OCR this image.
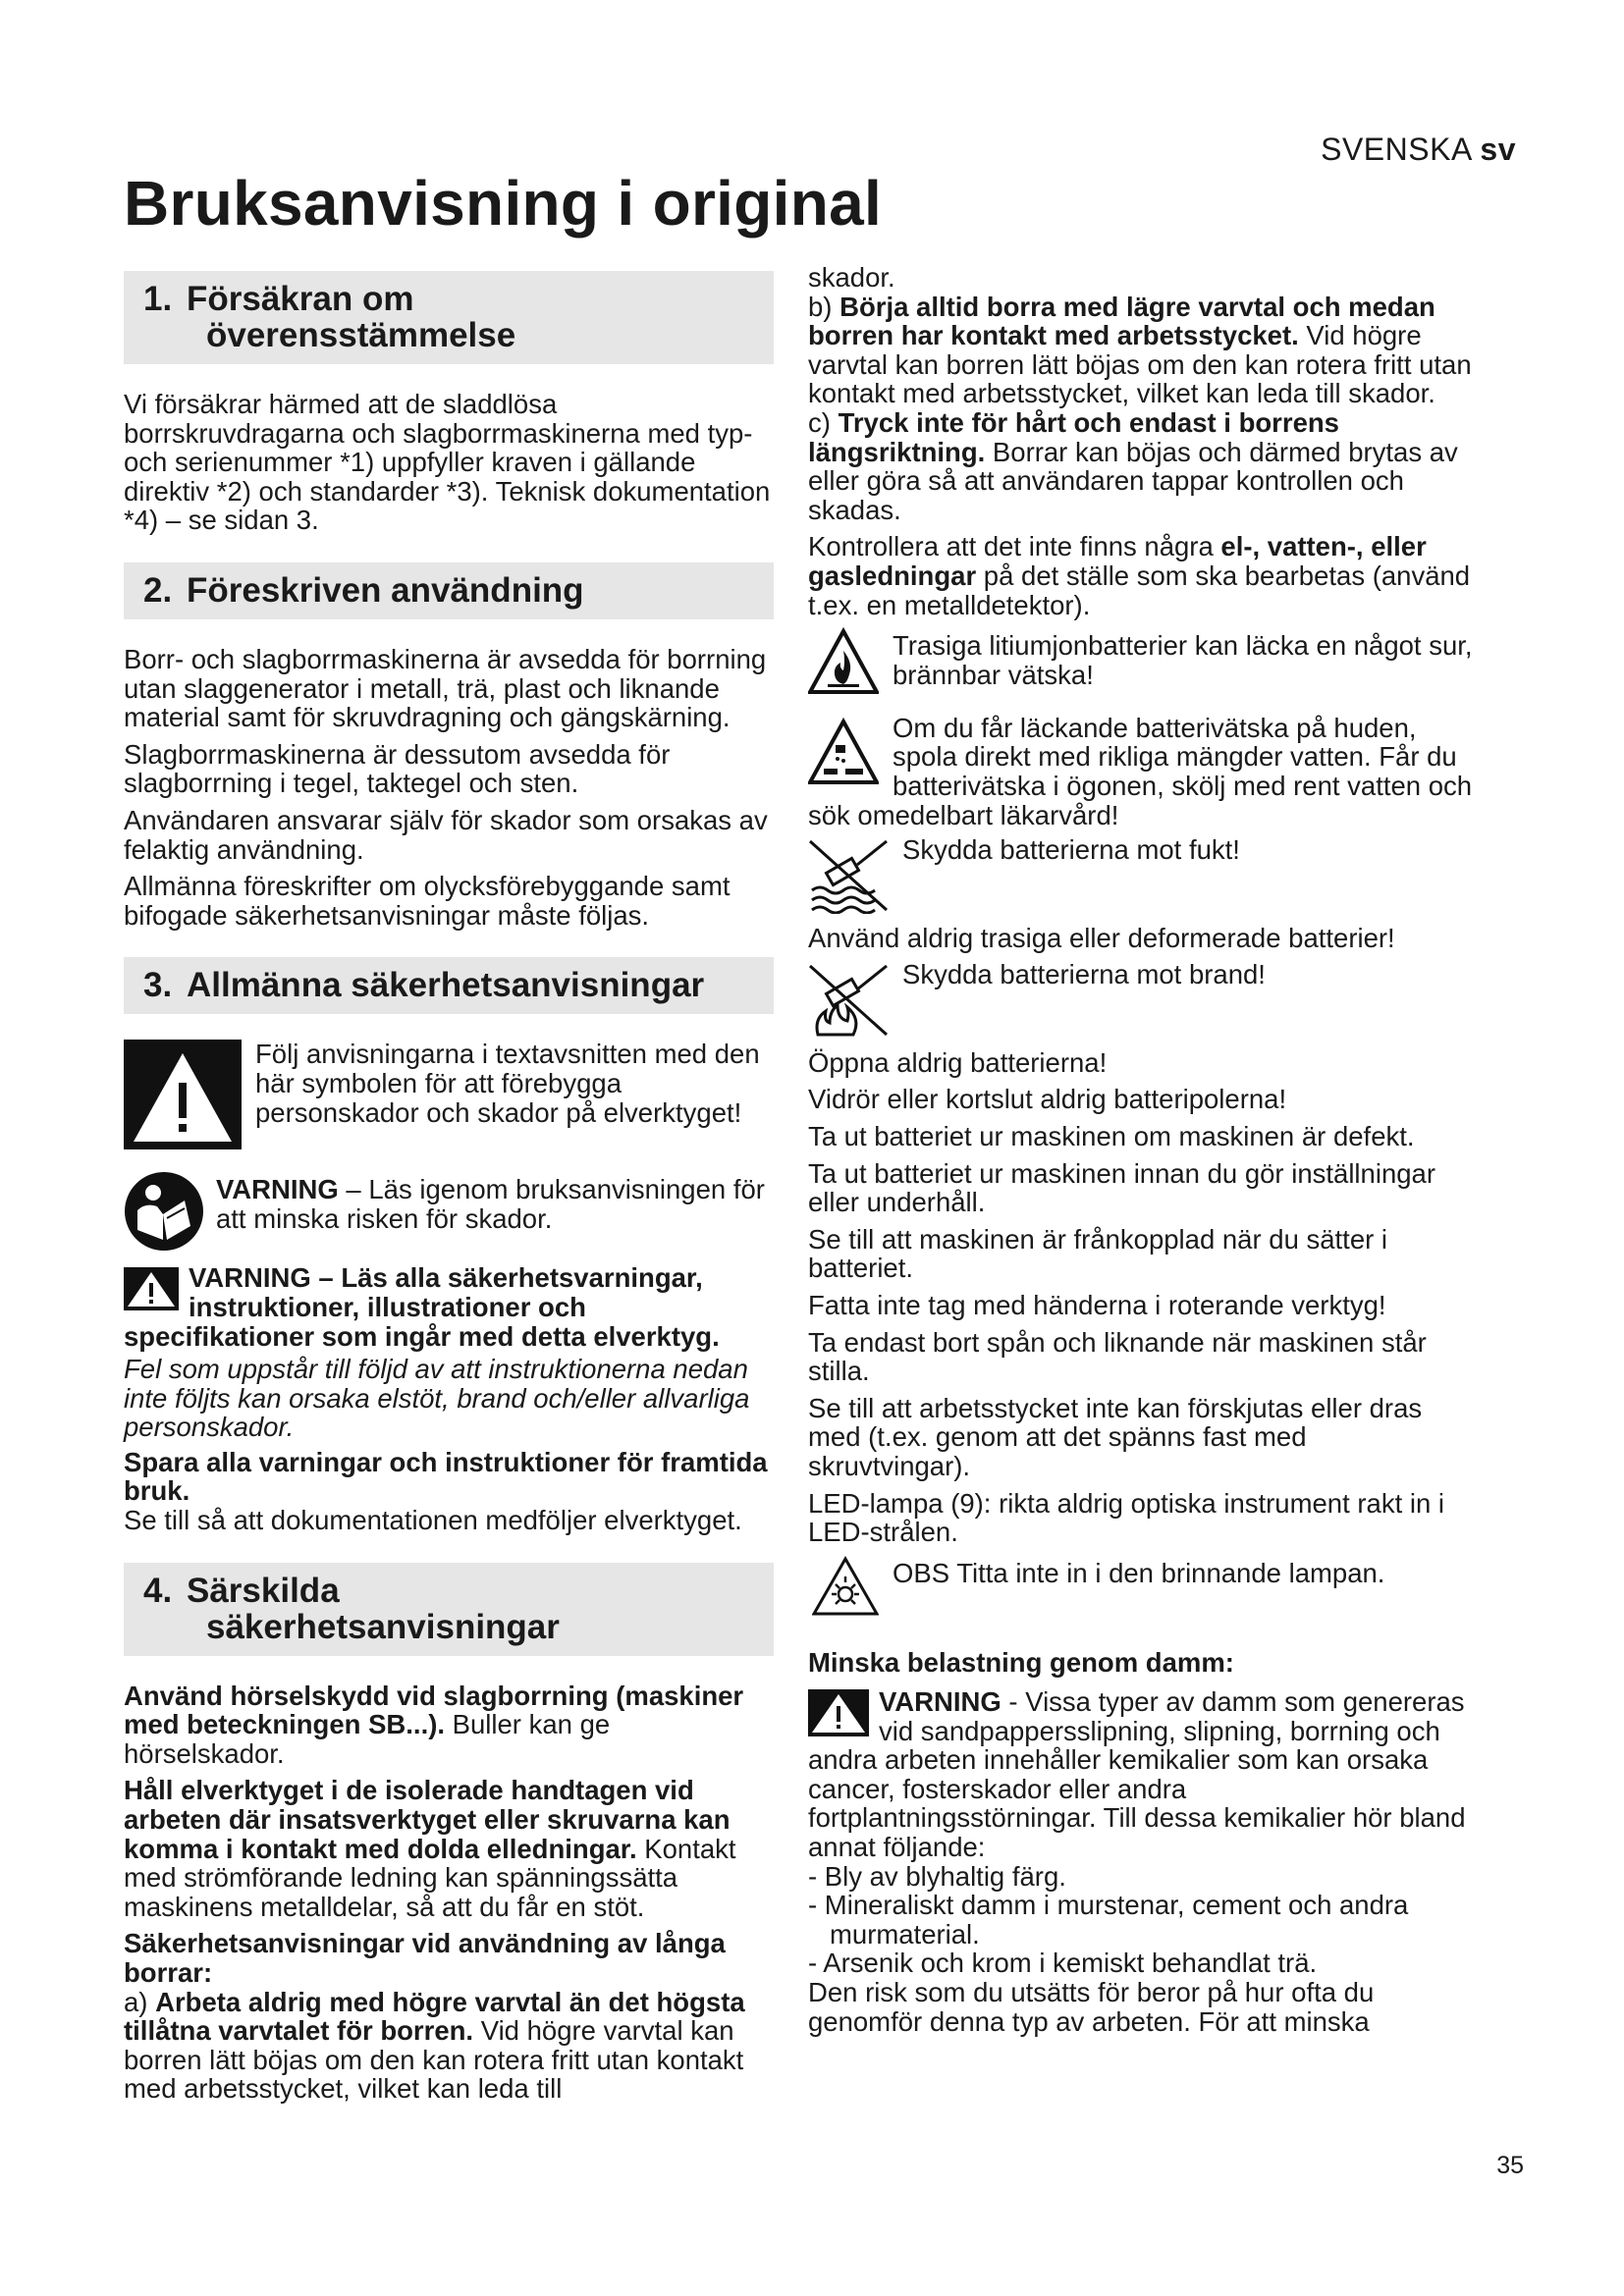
SVENSKA sv
Bruksanvisning i original
1. Försäkran om
överensstämmelse

Vi försäkrar härmed att de sladdlösa borrskruvdragarna och slagborrmaskinerna med typ- och serienummer *1) uppfyller kraven i gällande direktiv *2) och standarder *3). Teknisk dokumentation *4) – se sidan 3.

2. Föreskriven användning

Borr- och slagborrmaskinerna är avsedda för borrning utan slaggenerator i metall, trä, plast och liknande material samt för skruvdragning och gängskärning.

Slagborrmaskinerna är dessutom avsedda för slagborrning i tegel, taktegel och sten.

Användaren ansvarar själv för skador som orsakas av felaktig användning.

Allmänna föreskrifter om olycksförebyggande samt bifogade säkerhetsanvisningar måste följas.

3. Allmänna säkerhetsanvisningar

Följ anvisningarna i textavsnitten med den här symbolen för att förebygga personskador och skador på elverktyget!

VARNING – Läs igenom bruksanvisningen för att minska risken för skador.

VARNING – Läs alla säkerhetsvarningar, instruktioner, illustrationer och specifikationer som ingår med detta elverktyg.

Fel som uppstår till följd av att instruktionerna nedan inte följts kan orsaka elstöt, brand och/eller allvarliga personskador.

Spara alla varningar och instruktioner för framtida bruk.

Se till så att dokumentationen medföljer elverktyget.

4. Särskilda
säkerhetsanvisningar

Använd hörselskydd vid slagborrning (maskiner med beteckningen SB...). Buller kan ge hörselskador.

Håll elverktyget i de isolerade handtagen vid arbeten där insatsverktyget eller skruvarna kan komma i kontakt med dolda elledningar. Kontakt med strömförande ledning kan spänningssätta maskinens metalldelar, så att du får en stöt.

Säkerhetsanvisningar vid användning av långa borrar:

a) Arbeta aldrig med högre varvtal än det högsta tillåtna varvtalet för borren. Vid högre varvtal kan borren lätt böjas om den kan rotera fritt utan kontakt med arbetsstycket, vilket kan leda till

skador.

b) Börja alltid borra med lägre varvtal och medan borren har kontakt med arbetsstycket. Vid högre varvtal kan borren lätt böjas om den kan rotera fritt utan kontakt med arbetsstycket, vilket kan leda till skador.

c) Tryck inte för hårt och endast i borrens längsriktning. Borrar kan böjas och därmed brytas av eller göra så att användaren tappar kontrollen och skadas.

Kontrollera att det inte finns några el-, vatten-, eller gasledningar på det ställe som ska bearbetas (använd t.ex. en metalldetektor).

Trasiga litiumjonbatterier kan läcka en något sur, brännbar vätska!

Om du får läckande batterivätska på huden, spola direkt med rikliga mängder vatten. Får du batterivätska i ögonen, skölj med rent vatten och sök omedelbart läkarvård!

Skydda batterierna mot fukt!

Använd aldrig trasiga eller deformerade batterier!

Skydda batterierna mot brand!

Öppna aldrig batterierna!

Vidrör eller kortslut aldrig batteripolerna!

Ta ut batteriet ur maskinen om maskinen är defekt.

Ta ut batteriet ur maskinen innan du gör inställningar eller underhåll.

Se till att maskinen är frånkopplad när du sätter i batteriet.

Fatta inte tag med händerna i roterande verktyg!

Ta endast bort spån och liknande när maskinen står stilla.

Se till att arbetsstycket inte kan förskjutas eller dras med (t.ex. genom att det spänns fast med skruvtvingar).

LED-lampa (9): rikta aldrig optiska instrument rakt in i LED-strålen.

OBS Titta inte in i den brinnande lampan.

Minska belastning genom damm:

VARNING - Vissa typer av damm som genereras vid sandpappersslipning, slipning, borrning och andra arbeten innehåller kemikalier som kan orsaka cancer, fosterskador eller andra fortplantningsstörningar. Till dessa kemikalier hör bland annat följande:

- Bly av blyhaltig färg.

- Mineraliskt damm i murstenar, cement och andra murmaterial.

- Arsenik och krom i kemiskt behandlat trä.

Den risk som du utsätts för beror på hur ofta du genomför denna typ av arbeten. För att minska

35
